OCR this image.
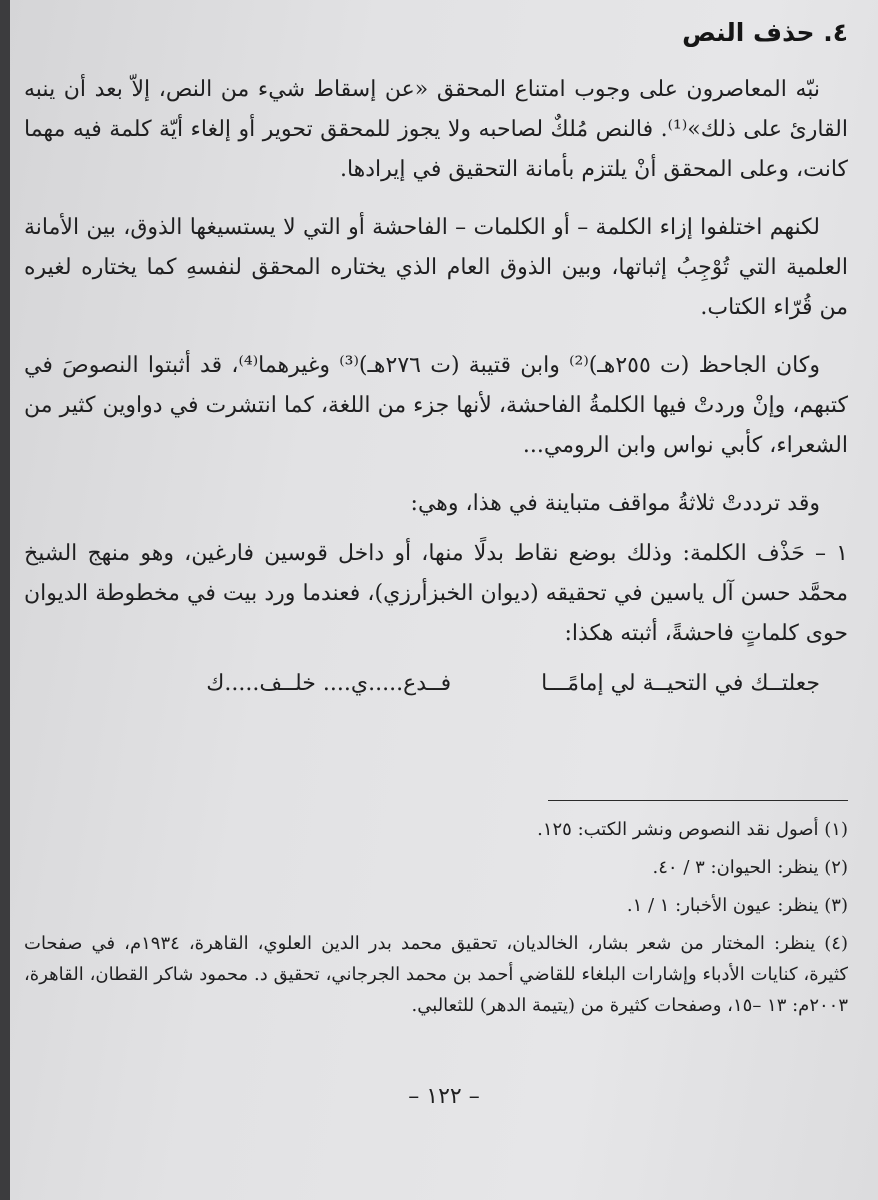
٤. حذف النص

نبّه المعاصرون على وجوب امتناع المحقق «عن إسقاط شيء من النص، إلاّ بعد أن ينبه القارئ على ذلك»⁽¹⁾. فالنص مُلكٌ لصاحبه ولا يجوز للمحقق تحوير أو إلغاء أيّة كلمة فيه مهما كانت، وعلى المحقق أنْ يلتزم بأمانة التحقيق في إيرادها.

لكنهم اختلفوا إزاء الكلمة – أو الكلمات – الفاحشة أو التي لا يستسيغها الذوق، بين الأمانة العلمية التي تُوْجِبُ إثباتها، وبين الذوق العام الذي يختاره المحقق لنفسهِ كما يختاره لغيره من قُرّاء الكتاب.

وكان الجاحظ (ت ٢٥٥هـ)⁽²⁾ وابن قتيبة (ت ٢٧٦هـ)⁽³⁾ وغيرهما⁽⁴⁾، قد أثبتوا النصوصَ في كتبهم، وإنْ وردتْ فيها الكلمةُ الفاحشة، لأنها جزء من اللغة، كما انتشرت في دواوين كثير من الشعراء، كأبي نواس وابن الرومي...

وقد ترددتْ ثلاثةُ مواقف متباينة في هذا، وهي:

١ – حَذْف الكلمة: وذلك بوضع نقاط بدلًا منها، أو داخل قوسين فارغين، وهو منهج الشيخ محمَّد حسن آل ياسين في تحقيقه (ديوان الخبزأرزي)، فعندما ورد بيت في مخطوطة الديوان حوى كلماتٍ فاحشةً، أثبته هكذا:

جعلتــك في التحيــة لي إمامًـــا
فــدع.....ي.... خلــف.....ك

(١) أصول نقد النصوص ونشر الكتب: ١٢٥.

(٢) ينظر: الحيوان: ٣ / ٤٠.

(٣) ينظر: عيون الأخبار: ١ / ١.

(٤) ينظر: المختار من شعر بشار، الخالديان، تحقيق محمد بدر الدين العلوي، القاهرة، ١٩٣٤م، في صفحات كثيرة، كنايات الأدباء وإشارات البلغاء للقاضي أحمد بن محمد الجرجاني، تحقيق د. محمود شاكر القطان، القاهرة، ٢٠٠٣م: ١٣ –١٥، وصفحات كثيرة من (يتيمة الدهر) للثعالبي.

– ١٢٢ –
